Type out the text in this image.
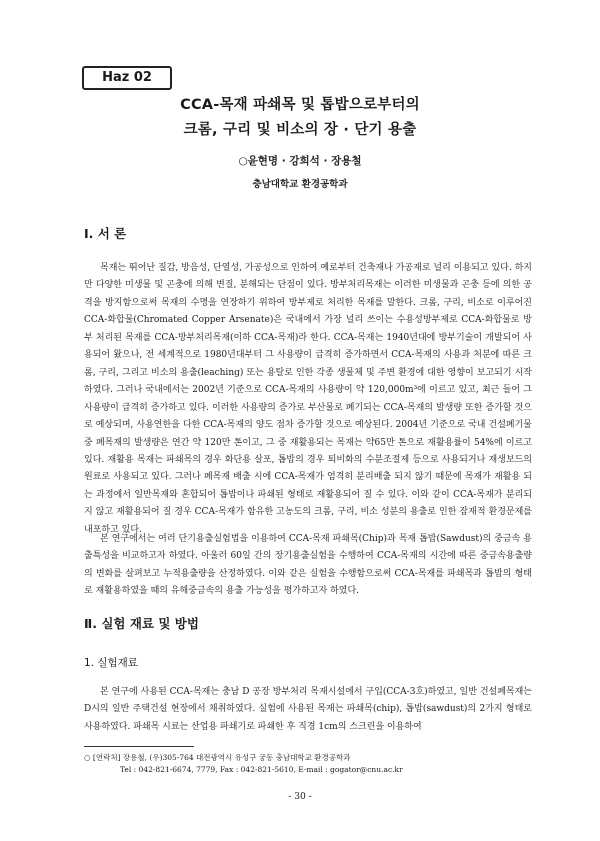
Haz 02
CCA-목재 파쇄목 및 톱밥으로부터의
크롬, 구리 및 비소의 장 · 단기 용출
○윤현명 · 강희석 · 장용철
충남대학교 환경공학과
Ⅰ. 서 론

목재는 뛰어난 질감, 방음성, 단열성, 가공성으로 인하여 예로부터 건축재나 가공재로 널리 이용되고 있다. 하지만 다양한 미생물 및 곤충에 의해 변질, 분해되는 단점이 있다. 방부처리목재는 이러한 미생물과 곤충 등에 의한 공격을 방지함으로써 목재의 수명을 연장하기 위하여 방부제로 처리한 목재를 말한다. 크롬, 구리, 비소로 이루어진 CCA-화합물(Chromated Copper Arsenate)은 국내에서 가장 널리 쓰이는 수용성방부제로 CCA-화합물로 방부 처리된 목재를 CCA-방부처리목재(이하 CCA-목재)라 한다. CCA-목재는 1940년대에 방부기술이 개발되어 사용되어 왔으나, 전 세계적으로 1980년대부터 그 사용량이 급격히 증가하면서 CCA-목재의 사용과 처분에 따른 크롬, 구리, 그리고 비소의 용출(leaching) 또는 용탈로 인한 각종 생물체 및 주변 환경에 대한 영향이 보고되기 시작하였다. 그러나 국내에서는 2002년 기준으로 CCA-목재의 사용량이 약 120,000m³에 이르고 있고, 최근 들어 그 사용량이 급격히 증가하고 있다. 이러한 사용량의 증가로 부산물로 폐기되는 CCA-목재의 발생량 또한 증가할 것으로 예상되며, 사용연한을 다한 CCA-목재의 양도 점차 증가할 것으로 예상된다. 2004년 기준으로 국내 건설폐기물중 폐목재의 발생량은 연간 약 120만 톤이고, 그 중 재활용되는 목재는 약65만 톤으로 재활용률이 54%에 이르고 있다. 재활용 목재는 파쇄목의 경우 화단용 살포, 톱밥의 경우 퇴비화의 수분조절제 등으로 사용되거나 재생보드의 원료로 사용되고 있다. 그러나 폐목재 배출 시에 CCA-목재가 엄격히 분리배출 되지 않기 때문에 목재가 재활용 되는 과정에서 일반목재와 혼합되어 톱밥이나 파쇄된 형태로 재활용되어 질 수 있다. 이와 같이 CCA-목재가 분리되지 않고 재활용되어 질 경우 CCA-목재가 함유한 고농도의 크롬, 구리, 비소 성분의 용출로 인한 잠재적 환경문제를 내포하고 있다.

본 연구에서는 여러 단기용출실험법을 이용하여 CCA-목재 파쇄목(Chip)과 목재 톱밥(Sawdust)의 중금속 용출특성을 비교하고자 하였다. 아울러 60일 간의 장기용출실험을 수행하여 CCA-목재의 시간에 따른 중금속용출량의 변화를 살펴보고 누적용출량을 산정하였다. 이와 같은 실험을 수행함으로써 CCA-목재를 파쇄목과 톱밥의 형태로 재활용하였을 때의 유해중금속의 용출 가능성을 평가하고자 하였다.

Ⅱ. 실험 재료 및 방법
1. 실험재료

본 연구에 사용된 CCA-목재는 충남 D 공장 방부처리 목재시설에서 구입(CCA-3호)하였고, 일반 건설폐목재는 D시의 일반 주택건설 현장에서 채취하였다. 실험에 사용된 목재는 파쇄목(chip), 톱밥(sawdust)의 2가지 형태로 사용하였다. 파쇄목 시료는 산업용 파쇄기로 파쇄한 후 직경 1cm의 스크린을 이용하여

○ [연락처] 장용철, (우)305-764 대전광역시 유성구 궁동 충남대학교 환경공학과
Tel : 042-821-6674, 7779, Fax : 042-821-5610, E-mail : gogator@cnu.ac.kr
- 30 -
